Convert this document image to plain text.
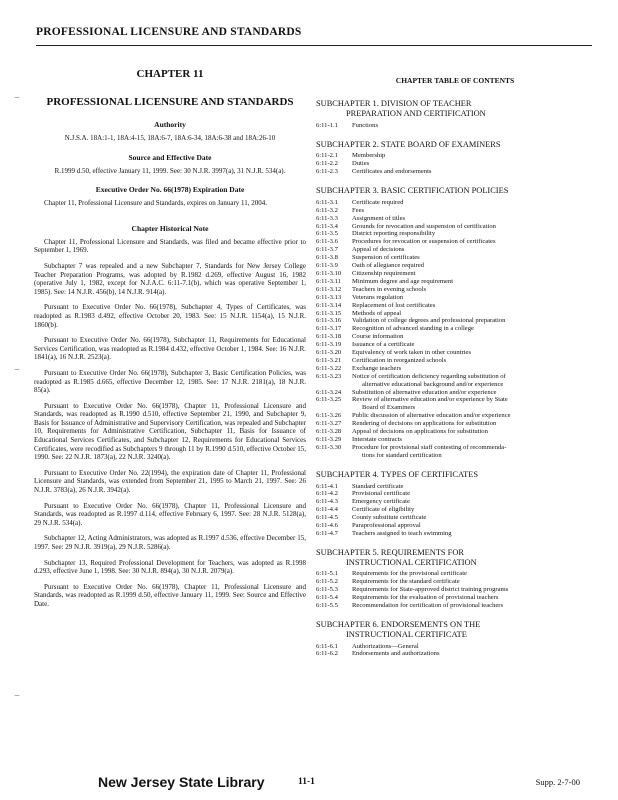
PROFESSIONAL LICENSURE AND STANDARDS
⌣
⌣
⌣
CHAPTER 11
PROFESSIONAL LICENSURE AND STANDARDS
Authority
N.J.S.A. 18A:1-1, 18A:4-15, 18A:6-7, 18A:6-34, 18A:6-38 and 18A:26-10
Source and Effective Date
R.1999 d.50, effective January 11, 1999. See: 30 N.J.R. 3997(a), 31 N.J.R. 534(a).
Executive Order No. 66(1978) Expiration Date
Chapter 11, Professional Licensure and Standards, expires on January 11, 2004.
Chapter Historical Note
Chapter 11, Professional Licensure and Standards, was filed and became effective prior to September 1, 1969.
Subchapter 7 was repealed and a new Subchapter 7, Standards for New Jersey College Teacher Preparation Programs, was adopted by R.1982 d.269, effective August 16, 1982 (operative July 1, 1982, except for N.J.A.C. 6:11-7.1(b), which was operative September 1, 1985). See: 14 N.J.R. 456(b), 14 N.J.R. 914(a).
Pursuant to Executive Order No. 66(1978), Subchapter 4, Types of Certificates, was readopted as R.1983 d.492, effective October 20, 1983. See: 15 N.J.R. 1154(a), 15 N.J.R. 1860(b).
Pursuant to Executive Order No. 66(1978), Subchapter 11, Requirements for Educational Services Certification, was readopted as R.1984 d.432, effective October 1, 1984. See: 16 N.J.R. 1841(a), 16 N.J.R. 2523(a).
Pursuant to Executive Order No. 66(1978), Subchapter 3, Basic Certification Policies, was readopted as R.1985 d.665, effective December 12, 1985. See: 17 N.J.R. 2181(a), 18 N.J.R. 85(a).
Pursuant to Executive Order No. 66(1978), Chapter 11, Professional Licensure and Standards, was readopted as R.1990 d.510, effective September 21, 1990, and Subchapter 9, Basis for Issuance of Administrative and Supervisory Certification, was repealed and Subchapter 10, Requirements for Administrative Certification, Subchapter 11, Basis for Issuance of Educational Services Certificates, and Subchapter 12, Requirements for Educational Services Certificates, were recodified as Subchapters 9 through 11 by R.1990 d.510, effective October 15, 1990. See: 22 N.J.R. 1873(a), 22 N.J.R. 3240(a).
Pursuant to Executive Order No. 22(1994), the expiration date of Chapter 11, Professional Licensure and Standards, was extended from September 21, 1995 to March 21, 1997. See: 26 N.J.R. 3783(a), 26 N.J.R. 3942(a).
Pursuant to Executive Order No. 66(1978), Chapter 11, Professional Licensure and Standards, was readopted as R.1997 d.114, effective February 6, 1997. See: 28 N.J.R. 5128(a), 29 N.J.R. 534(a).
Subchapter 12, Acting Administrators, was adopted as R.1997 d.536, effective December 15, 1997. See: 29 N.J.R. 3919(a), 29 N.J.R. 5286(a).
Subchapter 13, Required Professional Development for Teachers, was adopted as R.1998 d.293, effective June 1, 1998. See: 30 N.J.R. 894(a), 30 N.J.R. 2079(a).
Pursuant to Executive Order No. 66(1978), Chapter 11, Professional Licensure and Standards, was readopted as R.1999 d.50, effective January 11, 1999. See: Source and Effective Date.
CHAPTER TABLE OF CONTENTS
SUBCHAPTER 1. DIVISION OF TEACHER
PREPARATION AND CERTIFICATION
6:11-1.1	Functions
SUBCHAPTER 2. STATE BOARD OF EXAMINERS
6:11-2.1	Membership
6:11-2.2	Duties
6:11-2.3	Certificates and endorsements
SUBCHAPTER 3. BASIC CERTIFICATION POLICIES
6:11-3.1	Certificate required
6:11-3.2	Fees
6:11-3.3	Assignment of titles
6:11-3.4	Grounds for revocation and suspension of certification
6:11-3.5	District reporting responsibility
6:11-3.6	Procedures for revocation or suspension of certificates
6:11-3.7	Appeal of decisions
6:11-3.8	Suspension of certificates
6:11-3.9	Oath of allegiance required
6:11-3.10	Citizenship requirement
6:11-3.11	Minimum degree and age requirement
6:11-3.12	Teachers in evening schools
6:11-3.13	Veterans regulation
6:11-3.14	Replacement of lost certificates
6:11-3.15	Methods of appeal
6:11-3.16	Validation of college degrees and professional preparation
6:11-3.17	Recognition of advanced standing in a college
6:11-3.18	Course information
6:11-3.19	Issuance of a certificate
6:11-3.20	Equivalency of work taken in other countries
6:11-3.21	Certification in reorganized schools
6:11-3.22	Exchange teachers
6:11-3.23	Notice of certification deficiency regarding substitution of
alternative educational background and/or experience
6:11-3.24	Substitution of alternative education and/or experience
6:11-3.25	Review of alternative education and/or experience by State
Board of Examiners
6:11-3.26	Public discussion of alternative education and/or experience
6:11-3.27	Rendering of decisions on applications for substitution
6:11-3.28	Appeal of decisions on applications for substitution
6:11-3.29	Interstate contracts
6:11-3.30	Procedure for provisional staff contesting of recommenda-
tions for standard certification
SUBCHAPTER 4. TYPES OF CERTIFICATES
6:11-4.1	Standard certificate
6:11-4.2	Provisional certificate
6:11-4.3	Emergency certificate
6:11-4.4	Certificate of eligibility
6:11-4.5	County substitute certificate
6:11-4.6	Paraprofessional approval
6:11-4.7	Teachers assigned to teach swimming
SUBCHAPTER 5. REQUIREMENTS FOR
INSTRUCTIONAL CERTIFICATION
6:11-5.1	Requirements for the provisional certificate
6:11-5.2	Requirements for the standard certificate
6:11-5.3	Requirements for State-approved district training programs
6:11-5.4	Requirements for the evaluation of provisional teachers
6:11-5.5	Recommendation for certification of provisional teachers
SUBCHAPTER 6. ENDORSEMENTS ON THE
INSTRUCTIONAL CERTIFICATE
6:11-6.1	Authorizations—General
6:11-6.2	Endorsements and authorizations
New Jersey State Library	11-1	Supp. 2-7-00
